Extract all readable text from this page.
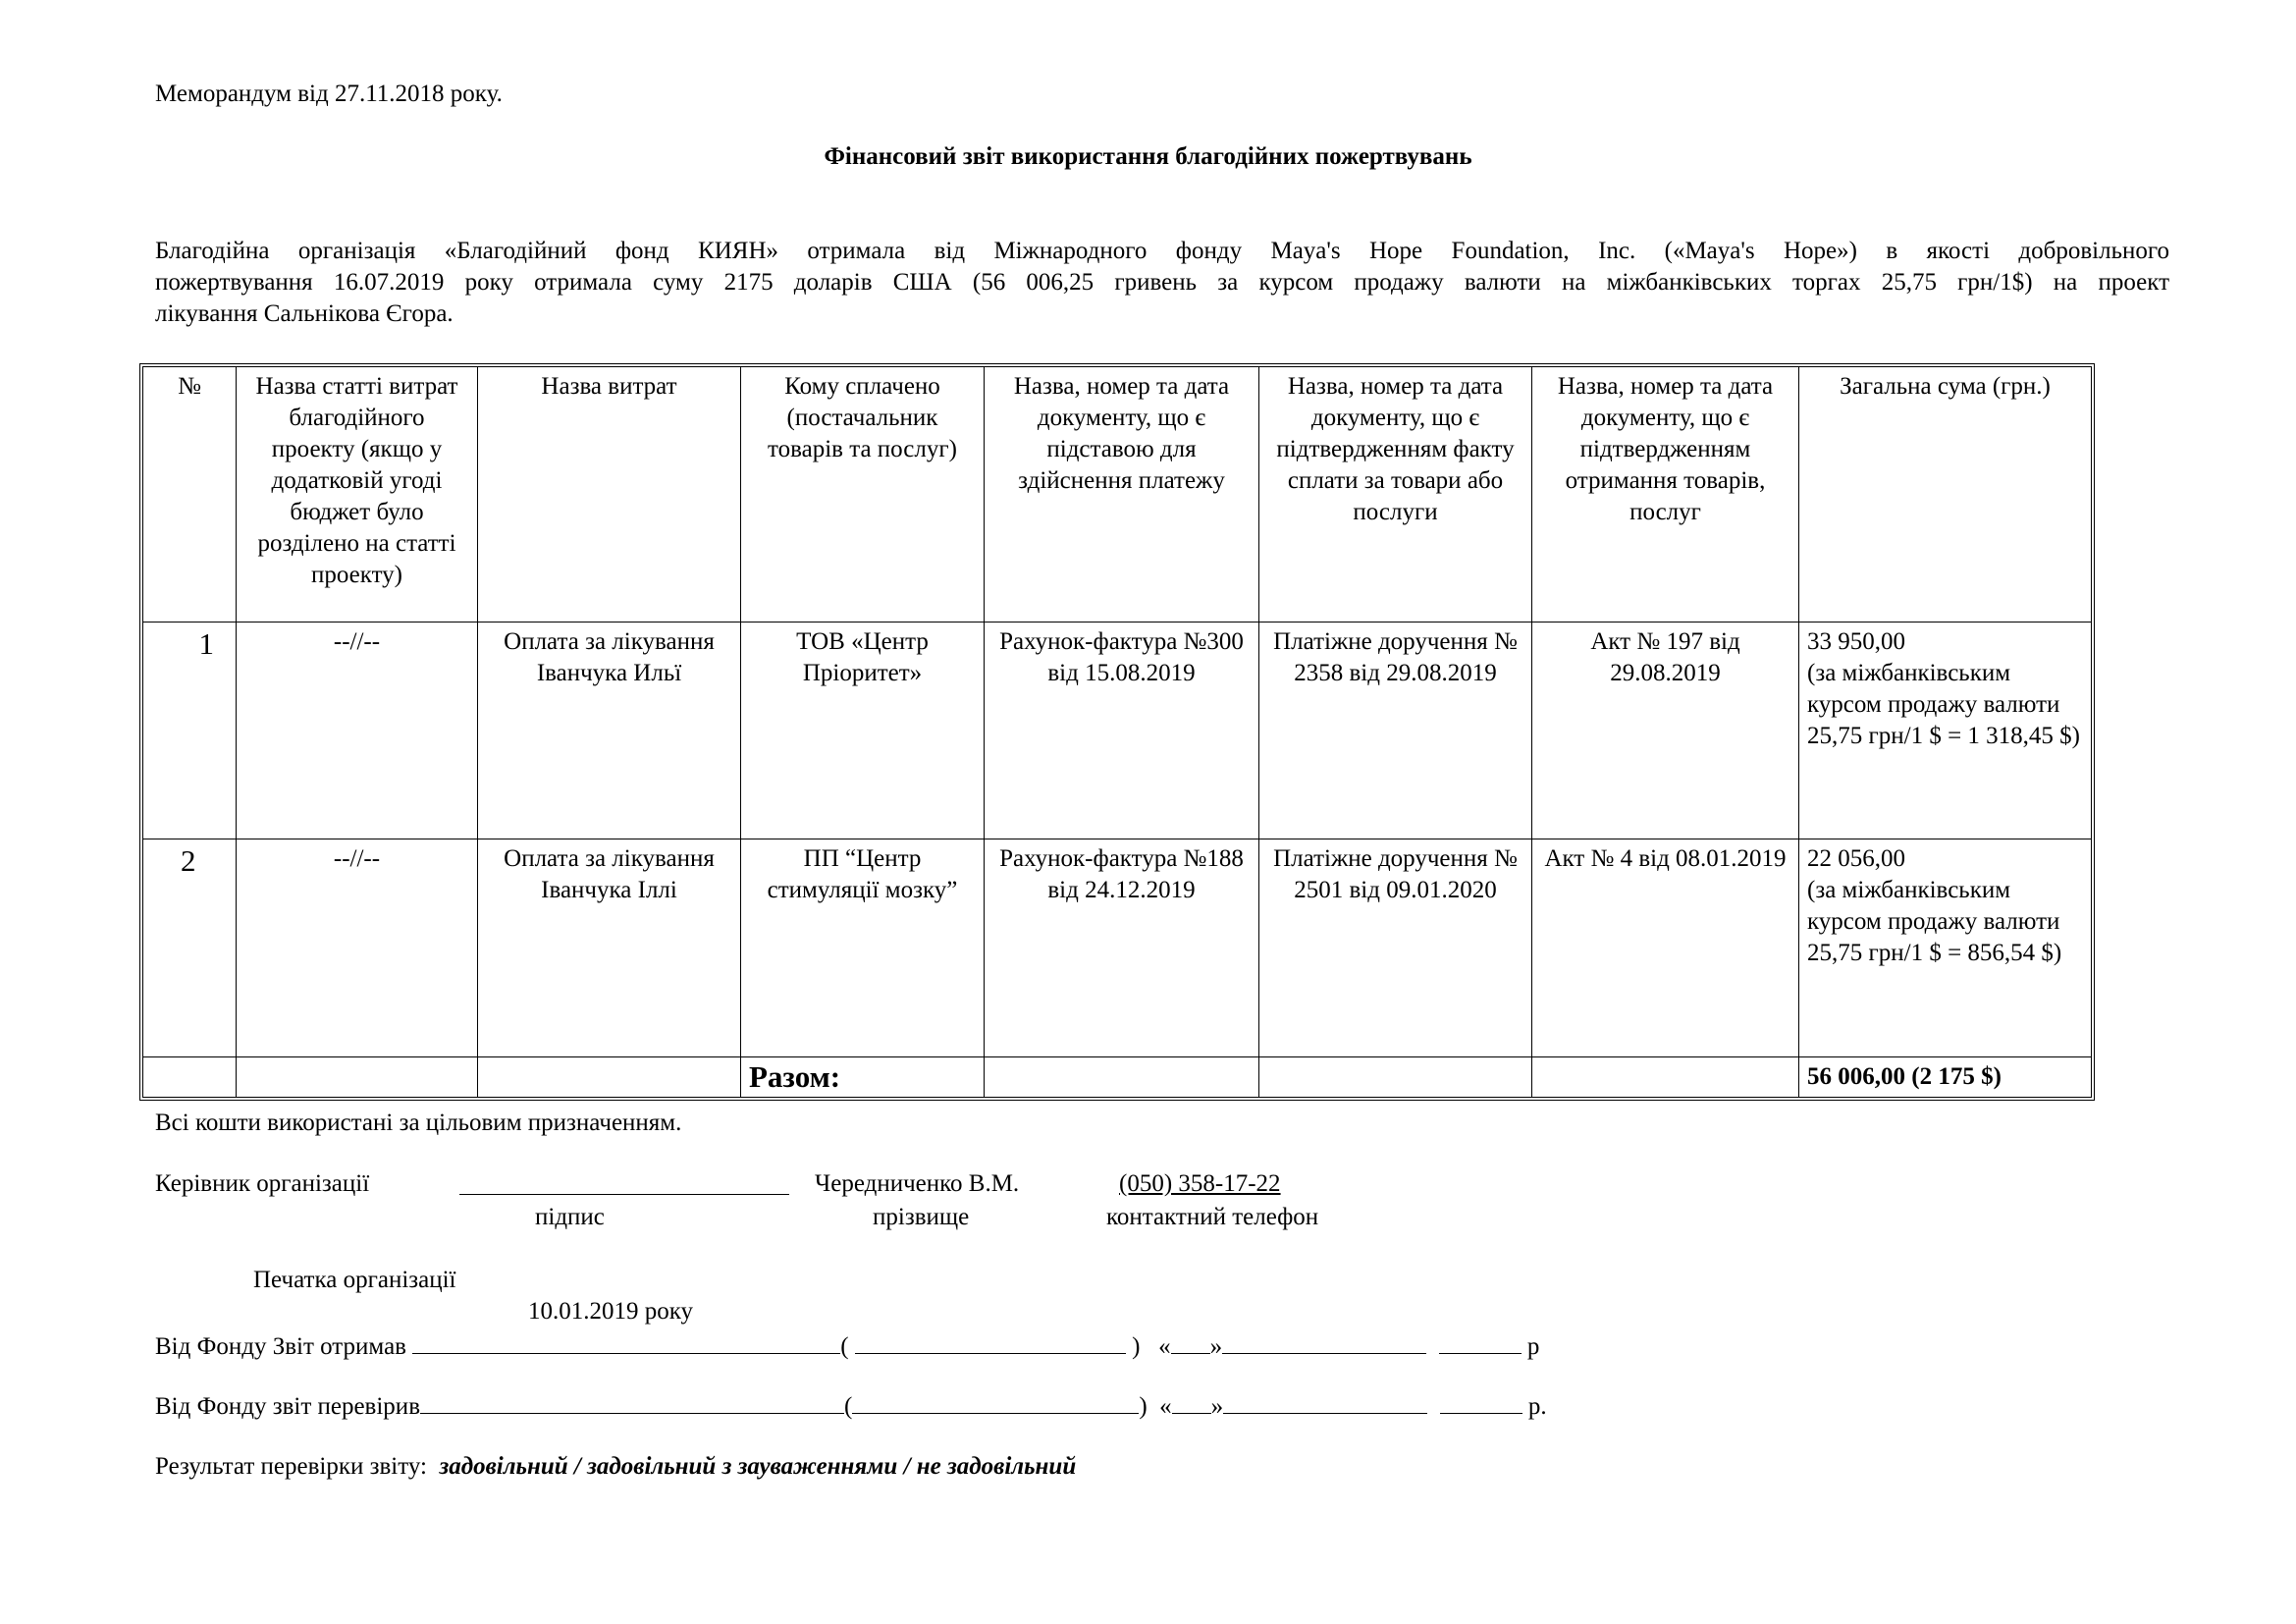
Меморандум від 27.11.2018 року.
Фінансовий звіт використання благодійних пожертвувань
Благодійна організація «Благодійний фонд КИЯН» отримала від Міжнародного фонду Maya's Hope Foundation, Inc. («Maya's Hope») в якості добровільного
пожертвування 16.07.2019 року отримала суму 2175 доларів США (56 006,25 гривень за курсом продажу валюти на міжбанківських торгах 25,75 грн/1$) на проект
лікування Сальнікова Єгора.
№	Назва статті витрат благодійного проекту (якщо у додатковій угоді бюджет було розділено на статті проекту)	Назва витрат	Кому сплачено (постачальник товарів та послуг)	Назва, номер та дата документу, що є підставою для здійснення платежу	Назва, номер та дата документу, що є підтвердженням факту сплати за товари або послуги	Назва, номер та дата документу, що є підтвердженням отримання товарів, послуг	Загальна сума (грн.)
1	--//--	Оплата за лікування Іванчука Ильї	ТОВ «Центр Пріоритет»	Рахунок-фактура №300 від 15.08.2019	Платіжне доручення № 2358 від 29.08.2019	Акт № 197 від 29.08.2019	33 950,00
(за міжбанківським курсом продажу валюти 25,75 грн/1 $ = 1 318,45 $)

2	--//--	Оплата за лікування Іванчука Іллі	ПП “Центр стимуляції мозку”	Рахунок-фактура №188 від 24.12.2019	Платіжне доручення № 2501 від 09.01.2020	Акт № 4 від 08.01.2019	22 056,00
(за міжбанківським курсом продажу валюти 25,75 грн/1 $ = 856,54 $)

			Разом:				56 006,00 (2 175 $)
Всі кошти використані за цільовим призначенням.
Керівник організації	Чередниченко В.М.	(050) 358-17-22
підпис	прізвище	контактний телефон
Печатка організації
10.01.2019 року
Від Фонду Звіт отримав	(	) « »	р
Від Фонду звіт перевірив	(	) « »	р.
Результат перевірки звіту: задовільний / задовільний з зауваженнями / не задовільний
